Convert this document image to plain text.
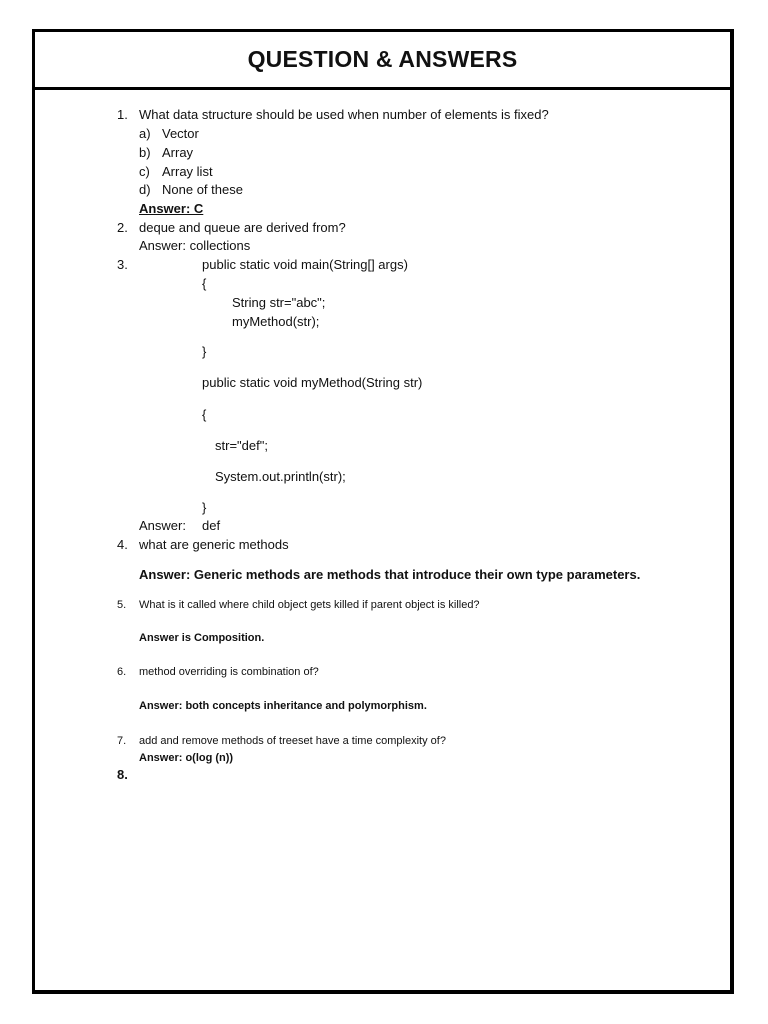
QUESTION & ANSWERS
1. What data structure should be used when number of elements is fixed?
a) Vector
b) Array
c) Array list
d) None of these
Answer: C
2. deque and queue are derived from?
Answer: collections
3.	public static void main(String[] args)
{
String str="abc";
myMethod(str);
}
public static void myMethod(String str)
{
str="def";
System.out.println(str);
}
Answer: def
4. what are generic methods
Answer: Generic methods are methods that introduce their own type parameters.
5. What is it called where child object gets killed if parent object is killed?
Answer is Composition.
6. method overriding is combination of?
Answer: both concepts inheritance and polymorphism.
7. add and remove methods of treeset have a time complexity of?
Answer: o(log (n))
8.
